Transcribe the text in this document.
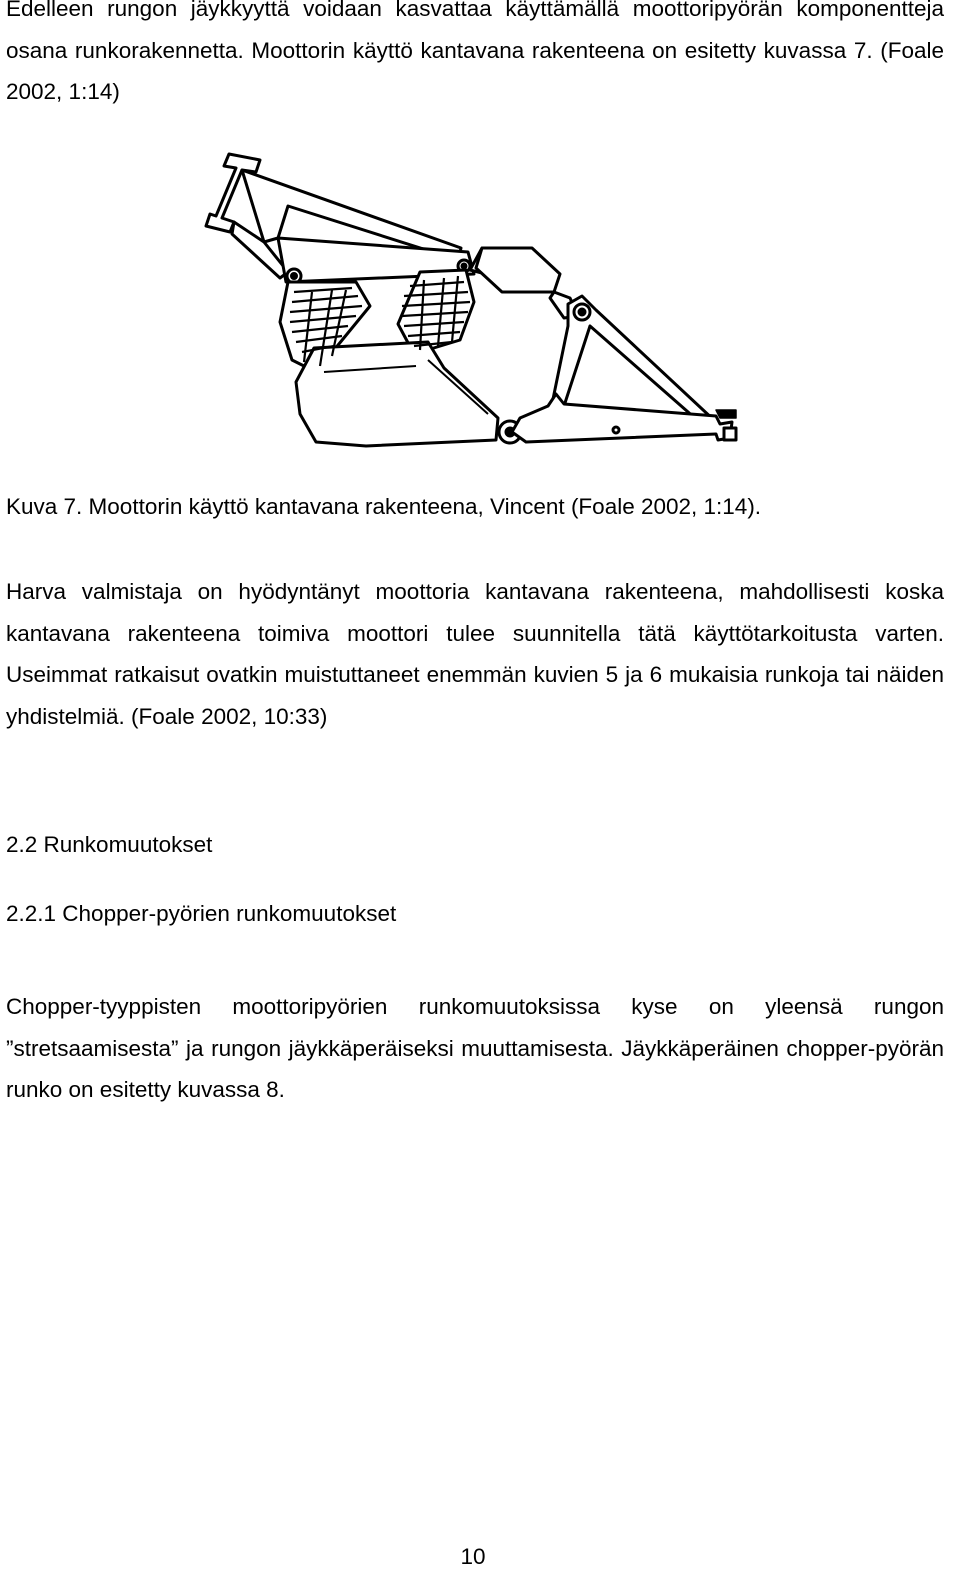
Edelleen rungon jäykkyyttä voidaan kasvattaa käyttämällä moottoripyörän komponentteja osana runkorakennetta. Moottorin käyttö kantavana rakenteena on esitetty kuvassa 7. (Foale 2002, 1:14)

Kuva 7. Moottorin käyttö kantavana rakenteena, Vincent (Foale 2002, 1:14).

Harva valmistaja on hyödyntänyt moottoria kantavana rakenteena, mahdollisesti koska kantavana rakenteena toimiva moottori tulee suunnitella tätä käyttötarkoitusta varten. Useimmat ratkaisut ovatkin muistuttaneet enemmän kuvien 5 ja 6 mukaisia runkoja tai näiden yhdistelmiä. (Foale 2002, 10:33)

2.2 Runkomuutokset
2.2.1 Chopper-pyörien runkomuutokset

Chopper-tyyppisten moottoripyörien runkomuutoksissa kyse on yleensä rungon ”stretsaamisesta” ja rungon jäykkäperäiseksi muuttamisesta. Jäykkäperäinen chopper-pyörän runko on esitetty kuvassa 8.

10
